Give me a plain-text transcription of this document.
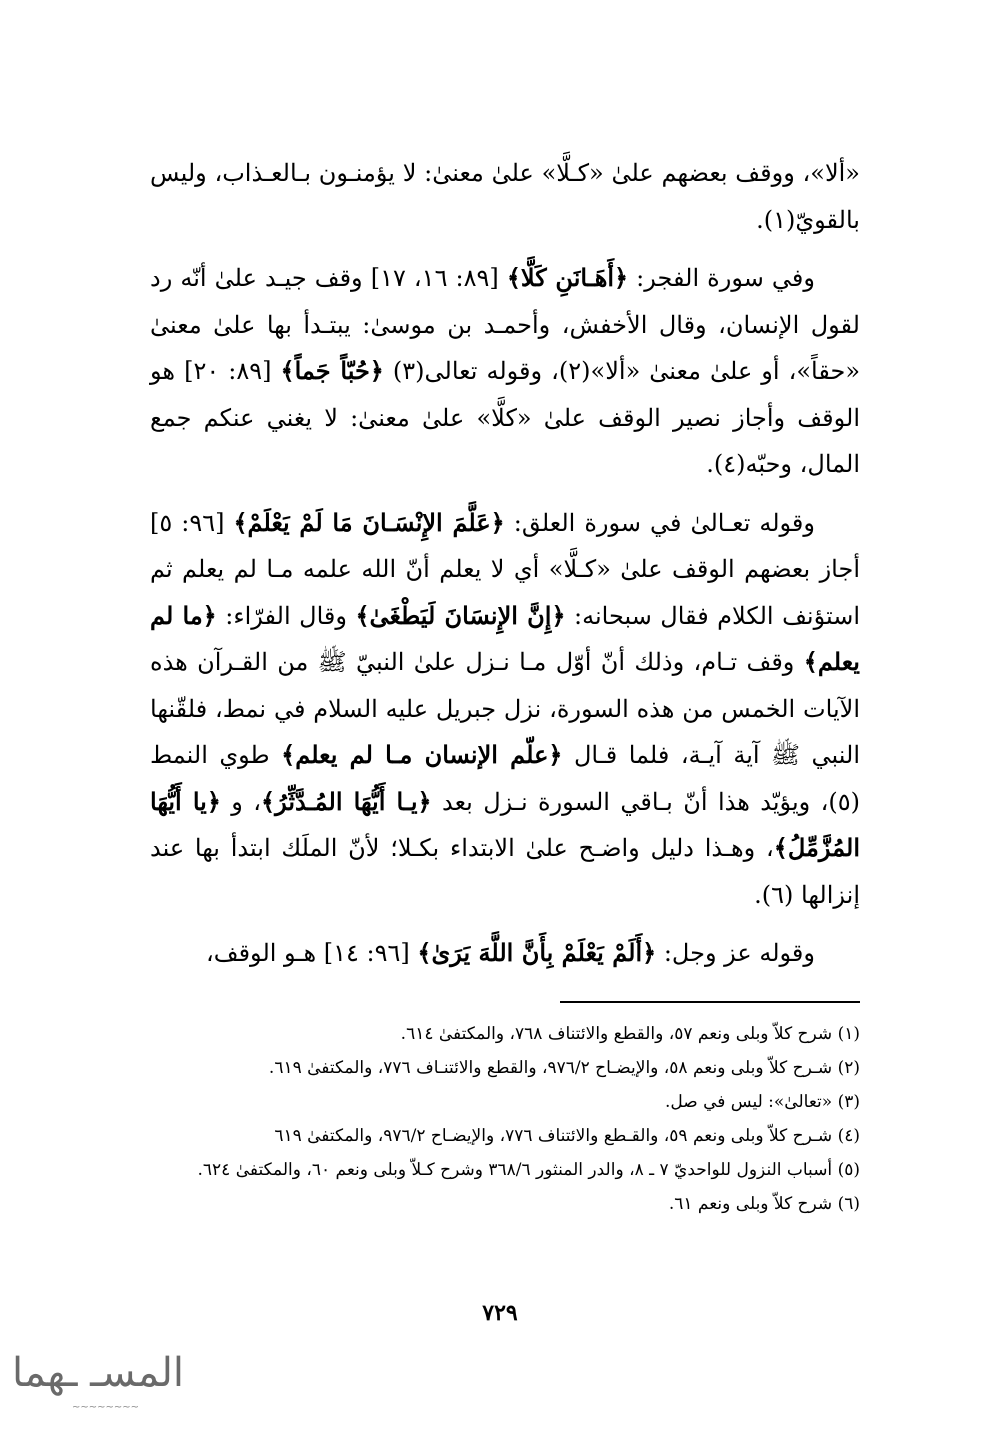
«ألا»، ووقف بعضهم علىٰ «كـلَّا» علىٰ معنىٰ: لا يؤمنـون بـالعـذاب، وليس بالقويّ(١).

وفي سورة الفجر: ﴿أَهَـانَنِ كَلَّا﴾ [٨٩: ١٦، ١٧] وقف جيـد علىٰ أنّه رد لقول الإنسان، وقال الأخفش، وأحمـد بن موسىٰ: يبتـدأ بها علىٰ معنىٰ «حقاً»، أو علىٰ معنىٰ «ألا»(٢)، وقوله تعالى(٣) ﴿حُبّاً جَماً﴾ [٨٩: ٢٠] هو الوقف وأجاز نصير الوقف علىٰ «كلَّا» علىٰ معنىٰ: لا يغني عنكم جمع المال، وحبّه(٤).

وقوله تعـالىٰ في سورة العلق: ﴿عَلَّمَ الإِنْسَـانَ مَا لَمْ يَعْلَمْ﴾ [٩٦: ٥] أجاز بعضهم الوقف علىٰ «كـلَّا» أي لا يعلم أنّ الله علمه مـا لم يعلم ثم استؤنف الكلام فقال سبحانه: ﴿إِنَّ الإِنسَانَ لَيَطْغَىٰ﴾ وقال الفرّاء: ﴿ما لم يعلم﴾ وقف تـام، وذلك أنّ أوّل مـا نـزل علىٰ النبيّ ﷺ من القـرآن هذه الآيات الخمس من هذه السورة، نزل جبريل عليه السلام في نمط، فلقّنها النبي ﷺ آية آيـة، فلما قـال ﴿علّم الإنسان مـا لم يعلم﴾ طوي النمط (٥)، ويؤيّد هذا أنّ بـاقي السورة نـزل بعد ﴿يـا أَيُّهَا المُـدَّثِّرُ﴾، و ﴿يا أَيُّهَا المُزَّمِّلُ﴾، وهـذا دليل واضـح علىٰ الابتداء بكـلا؛ لأنّ الملَك ابتدأ بها عند إنزالها (٦).

وقوله عز وجل: ﴿أَلَمْ يَعْلَمْ بِأَنَّ اللَّهَ يَرَىٰ﴾ [٩٦: ١٤] هـو الوقف،

(١) شرح كلاّ وبلى ونعم ٥٧، والقطع والائتناف ٧٦٨، والمكتفىٰ ٦١٤.

(٢) شـرح كلاّ وبلى ونعم ٥٨، والإيضـاح ٩٧٦/٢، والقطع والائتنـاف ٧٧٦، والمكتفىٰ ٦١٩.

(٣) «تعالىٰ»: ليس في صل.

(٤) شـرح كلاّ وبلى ونعم ٥٩، والقـطع والائتناف ٧٧٦، والإيضـاح ٩٧٦/٢، والمكتفىٰ ٦١٩

(٥) أسباب النزول للواحديّ ٧ ـ ٨، والدر المنثور ٣٦٨/٦ وشرح كـلاّ وبلى ونعم ٦٠، والمكتفىٰ ٦٢٤.

(٦) شرح كلاّ وبلى ونعم ٦١.

٧٢٩
المسـ ـهما
~~~~~~~~
